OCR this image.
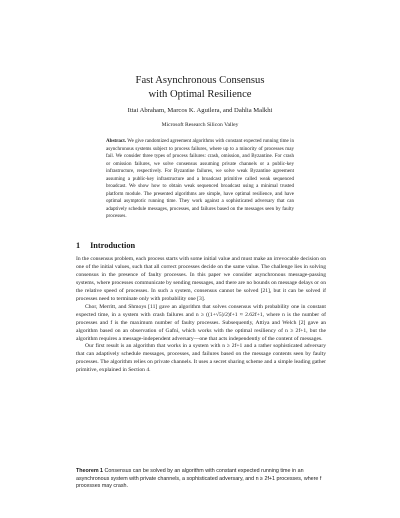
Fast Asynchronous Consensus
with Optimal Resilience
Ittai Abraham, Marcos K. Aguilera, and Dahlia Malkhi
Microsoft Research Silicon Valley
Abstract. We give randomized agreement algorithms with constant expected running time in asynchronous systems subject to process failures, where up to a minority of processes may fail. We consider three types of process failures: crash, omission, and Byzantine. For crash or omission failures, we solve consensus assuming private channels or a public-key infrastructure, respectively. For Byzantine failures, we solve weak Byzantine agreement assuming a public-key infrastructure and a broadcast primitive called weak sequenced broadcast. We show how to obtain weak sequenced broadcast using a minimal trusted platform module. The presented algorithms are simple, have optimal resilience, and have optimal asymptotic running time. They work against a sophisticated adversary that can adaptively schedule messages, processes, and failures based on the messages seen by faulty processes.
1 Introduction

In the consensus problem, each process starts with some initial value and must make an irrevocable decision on one of the initial values, such that all correct processes decide on the same value. The challenge lies in solving consensus in the presence of faulty processes. In this paper we consider asynchronous message-passing systems, where processes communicate by sending messages, and there are no bounds on message delays or on the relative speed of processes. In such a system, consensus cannot be solved [21], but it can be solved if processes need to terminate only with probability one [3].

Chor, Merritt, and Shmoys [11] gave an algorithm that solves consensus with probability one in constant expected time, in a system with crash failures and n ≥ ((1+√5)/2)f+1 ≈ 2.62f+1, where n is the number of processes and f is the maximum number of faulty processes. Subsequently, Attiya and Welch [2] gave an algorithm based on an observation of Gafni, which works with the optimal resiliency of n ≥ 2f+1, but the algorithm requires a message-independent adversary—one that acts independently of the content of messages.

Our first result is an algorithm that works in a system with n ≥ 2f+1 and a rather sophisticated adversary that can adaptively schedule messages, processes, and failures based on the message contents seen by faulty processes. The algorithm relies on private channels. It uses a secret sharing scheme and a simple leading gather primitive, explained in Section 4.

Theorem 1 Consensus can be solved by an algorithm with constant expected running time in an asynchronous system with private channels, a sophisticated adversary, and n ≥ 2f+1 processes, where f processes may crash.
